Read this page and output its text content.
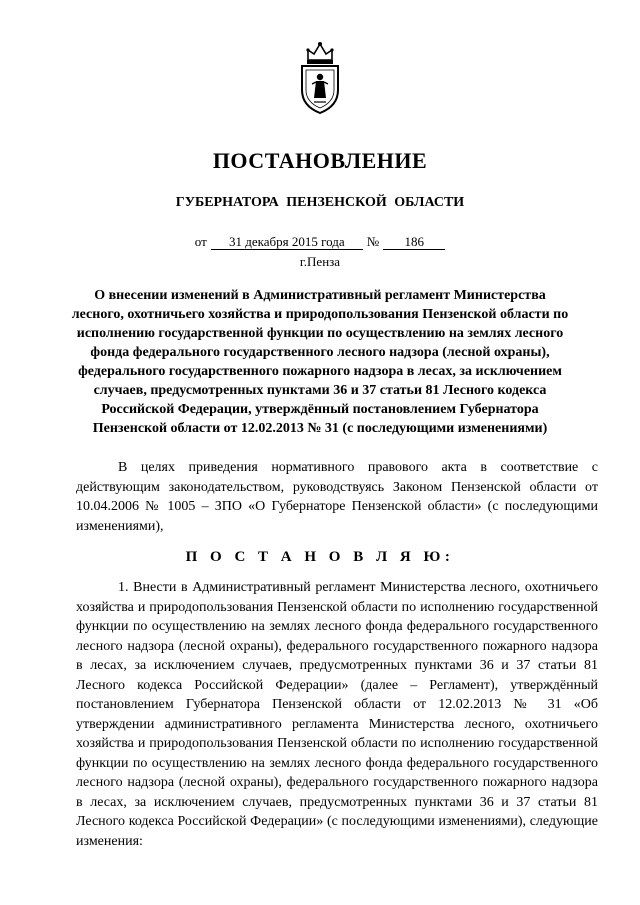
ПОСТАНОВЛЕНИЕ
ГУБЕРНАТОРА ПЕНЗЕНСКОЙ ОБЛАСТИ
от 31 декабря 2015 года № 186
г.Пенза
О внесении изменений в Административный регламент Министерства лесного, охотничьего хозяйства и природопользования Пензенской области по исполнению государственной функции по осуществлению на землях лесного фонда федерального государственного лесного надзора (лесной охраны), федерального государственного пожарного надзора в лесах, за исключением случаев, предусмотренных пунктами 36 и 37 статьи 81 Лесного кодекса Российской Федерации, утверждённый постановлением Губернатора Пензенской области от 12.02.2013 № 31 (с последующими изменениями)
В целях приведения нормативного правового акта в соответствие с действующим законодательством, руководствуясь Законом Пензенской области от 10.04.2006 № 1005 – ЗПО «О Губернаторе Пензенской области» (с последующими изменениями),
П О С Т А Н О В Л Я Ю:
1. Внести в Административный регламент Министерства лесного, охотничьего хозяйства и природопользования Пензенской области по исполнению государственной функции по осуществлению на землях лесного фонда федерального государственного лесного надзора (лесной охраны), федерального государственного пожарного надзора в лесах, за исключением случаев, предусмотренных пунктами 36 и 37 статьи 81 Лесного кодекса Российской Федерации» (далее – Регламент), утверждённый постановлением Губернатора Пензенской области от 12.02.2013 № 31 «Об утверждении административного регламента Министерства лесного, охотничьего хозяйства и природопользования Пензенской области по исполнению государственной функции по осуществлению на землях лесного фонда федерального государственного лесного надзора (лесной охраны), федерального государственного пожарного надзора в лесах, за исключением случаев, предусмотренных пунктами 36 и 37 статьи 81 Лесного кодекса Российской Федерации» (с последующими изменениями), следующие изменения:
